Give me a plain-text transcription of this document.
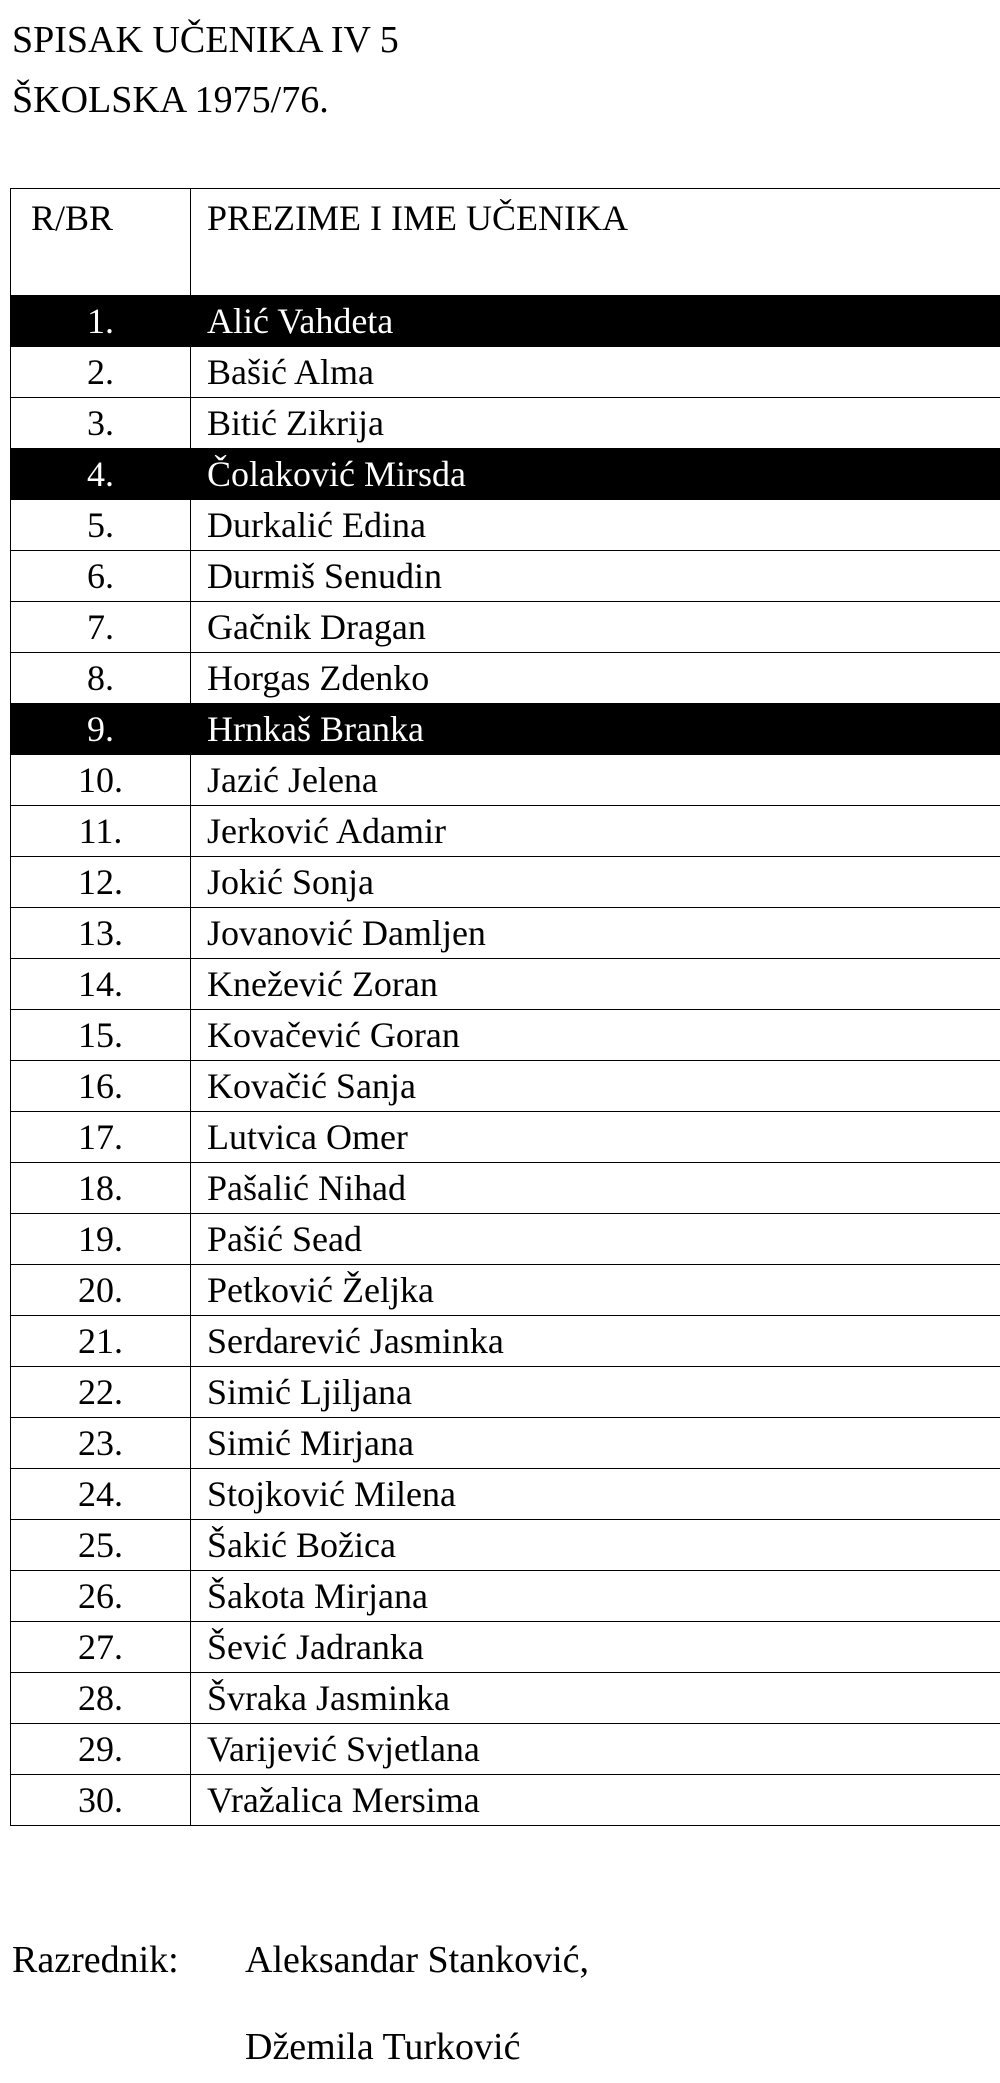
SPISAK UČENIKA IV 5
ŠKOLSKA 1975/76.
R/BR	PREZIME I IME UČENIKA
1.	Alić Vahdeta
2.	Bašić Alma
3.	Bitić Zikrija
4.	Čolaković Mirsda
5.	Durkalić Edina
6.	Durmiš Senudin
7.	Gačnik Dragan
8.	Horgas Zdenko
9.	Hrnkaš Branka
10.	Jazić Jelena
11.	Jerković Adamir
12.	Jokić Sonja
13.	Jovanović Damljen
14.	Knežević Zoran
15.	Kovačević Goran
16.	Kovačić Sanja
17.	Lutvica Omer
18.	Pašalić Nihad
19.	Pašić Sead
20.	Petković Željka
21.	Serdarević Jasminka
22.	Simić Ljiljana
23.	Simić Mirjana
24.	Stojković Milena
25.	Šakić Božica
26.	Šakota Mirjana
27.	Šević Jadranka
28.	Švraka Jasminka
29.	Varijević Svjetlana
30.	Vražalica Mersima
Razrednik: Aleksandar Stanković,
Džemila Turković
